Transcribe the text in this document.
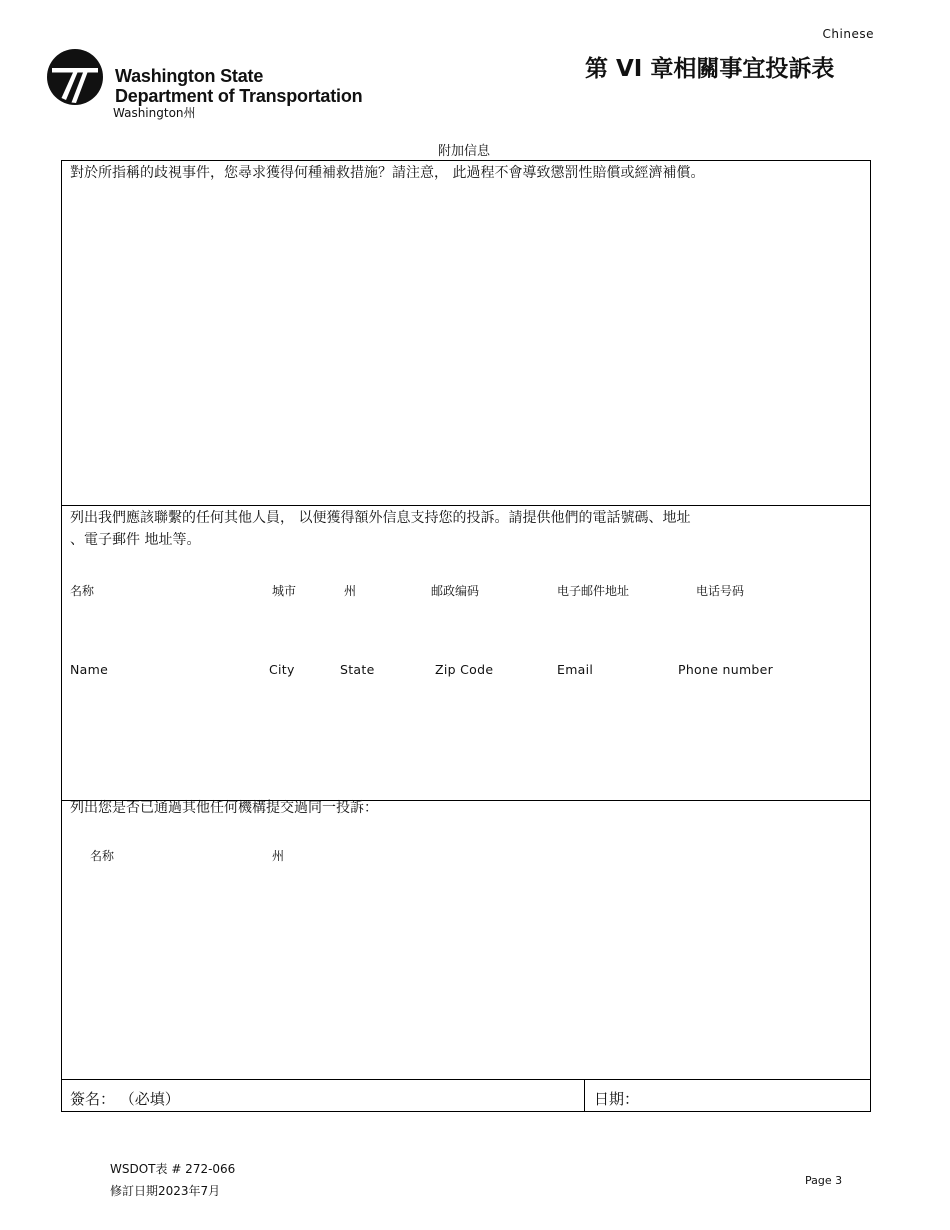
Chinese
Washington State
Department of Transportation
Washington州
第 VI 章相關事宜投訴表
附加信息
對於所指稱的歧視事件，您尋求獲得何種補救措施？請注意， 此過程不會導致懲罰性賠償或經濟補償。
列出我們應該聯繫的任何其他人員， 以便獲得額外信息支持您的投訴。請提供他們的電話號碼、地址
、電子郵件 地址等。
名称	城市	州	邮政编码	电子邮件地址	电话号码
Name	City	State	Zip Code	Email	Phone number
列出您是否已通過其他任何機構提交過同一投訴：
名称	州
簽名： （必填）	日期：
WSDOT表 # 272-066
修訂日期2023年7月
Page 3
